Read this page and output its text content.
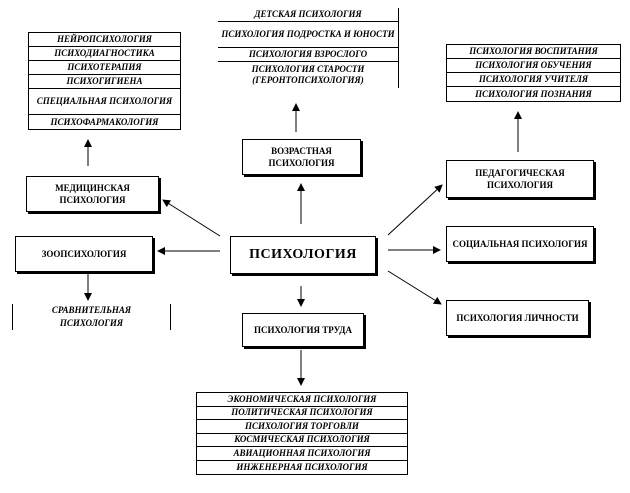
ПСИХОЛОГИЯ
МЕДИЦИНСКАЯ ПСИХОЛОГИЯ
ВОЗРАСТНАЯ ПСИХОЛОГИЯ
ПЕДАГОГИЧЕСКАЯ ПСИХОЛОГИЯ
СОЦИАЛЬНАЯ ПСИХОЛОГИЯ
ПСИХОЛОГИЯ ЛИЧНОСТИ
ЗООПСИХОЛОГИЯ
ПСИХОЛОГИЯ ТРУДА
НЕЙРОПСИХОЛОГИЯ
ПСИХОДИАГНОСТИКА
ПСИХОТЕРАПИЯ
ПСИХОГИГИЕНА
СПЕЦИАЛЬНАЯ ПСИХОЛОГИЯ
ПСИХОФАРМАКОЛОГИЯ
ДЕТСКАЯ ПСИХОЛОГИЯ
ПСИХОЛОГИЯ ПОДРОСТКА И ЮНОСТИ
ПСИХОЛОГИЯ ВЗРОСЛОГО
ПСИХОЛОГИЯ СТАРОСТИ (ГЕРОНТОПСИХОЛОГИЯ)
ПСИХОЛОГИЯ ВОСПИТАНИЯ
ПСИХОЛОГИЯ ОБУЧЕНИЯ
ПСИХОЛОГИЯ УЧИТЕЛЯ
ПСИХОЛОГИЯ ПОЗНАНИЯ
ЭКОНОМИЧЕСКАЯ ПСИХОЛОГИЯ
ПОЛИТИЧЕСКАЯ ПСИХОЛОГИЯ
ПСИХОЛОГИЯ ТОРГОВЛИ
КОСМИЧЕСКАЯ ПСИХОЛОГИЯ
АВИАЦИОННАЯ ПСИХОЛОГИЯ
ИНЖЕНЕРНАЯ ПСИХОЛОГИЯ
СРАВНИТЕЛЬНАЯ ПСИХОЛОГИЯ
